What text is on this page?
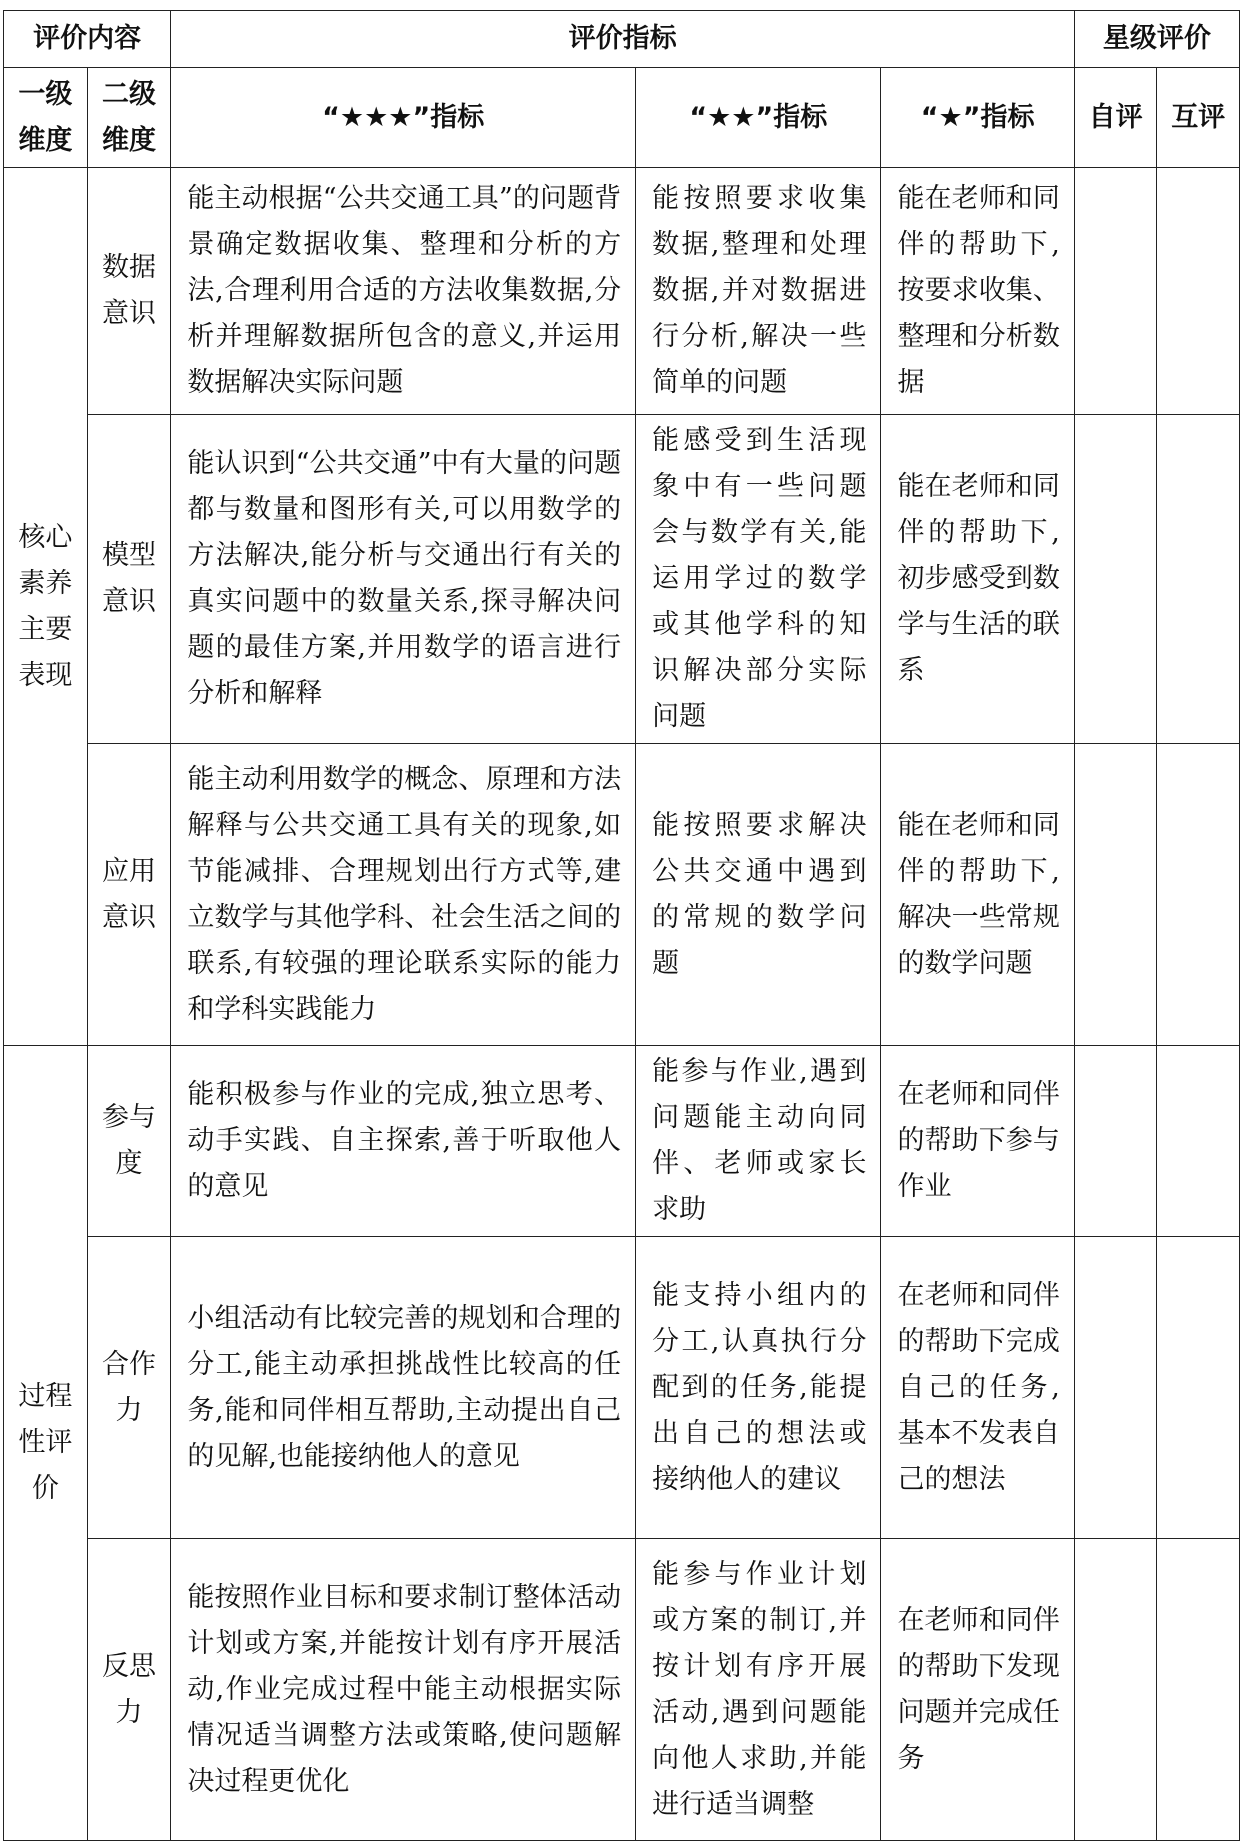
评价内容		评价指标			星级评价	
一级维度	二级维度	“★★★”指标	“★★”指标	“★”指标	自评	互评
核心素养主要表现	数据意识	能主动根据“公共交通工具”的问题背景确定数据收集、整理和分析的方法,合理利用合适的方法收集数据,分析并理解数据所包含的意义,并运用数据解决实际问题	能按照要求收集数据,整理和处理数据,并对数据进行分析,解决一些简单的问题	能在老师和同伴的帮助下,按要求收集、整理和分析数据		
	模型意识	能认识到“公共交通”中有大量的问题都与数量和图形有关,可以用数学的方法解决,能分析与交通出行有关的真实问题中的数量关系,探寻解决问题的最佳方案,并用数学的语言进行分析和解释	能感受到生活现象中有一些问题会与数学有关,能运用学过的数学或其他学科的知识解决部分实际问题	能在老师和同伴的帮助下,初步感受到数学与生活的联系		
	应用意识	能主动利用数学的概念、原理和方法解释与公共交通工具有关的现象,如节能减排、合理规划出行方式等,建立数学与其他学科、社会生活之间的联系,有较强的理论联系实际的能力和学科实践能力	能按照要求解决公共交通中遇到的常规的数学问题	能在老师和同伴的帮助下,解决一些常规的数学问题		
过程性评价	参与度	能积极参与作业的完成,独立思考、动手实践、自主探索,善于听取他人的意见	能参与作业,遇到问题能主动向同伴、老师或家长求助	在老师和同伴的帮助下参与作业		
	合作力	小组活动有比较完善的规划和合理的分工,能主动承担挑战性比较高的任务,能和同伴相互帮助,主动提出自己的见解,也能接纳他人的意见	能支持小组内的分工,认真执行分配到的任务,能提出自己的想法或接纳他人的建议	在老师和同伴的帮助下完成自己的任务,基本不发表自己的想法		
	反思力	能按照作业目标和要求制订整体活动计划或方案,并能按计划有序开展活动,作业完成过程中能主动根据实际情况适当调整方法或策略,使问题解决过程更优化	能参与作业计划或方案的制订,并按计划有序开展活动,遇到问题能向他人求助,并能进行适当调整	在老师和同伴的帮助下发现问题并完成任务		
